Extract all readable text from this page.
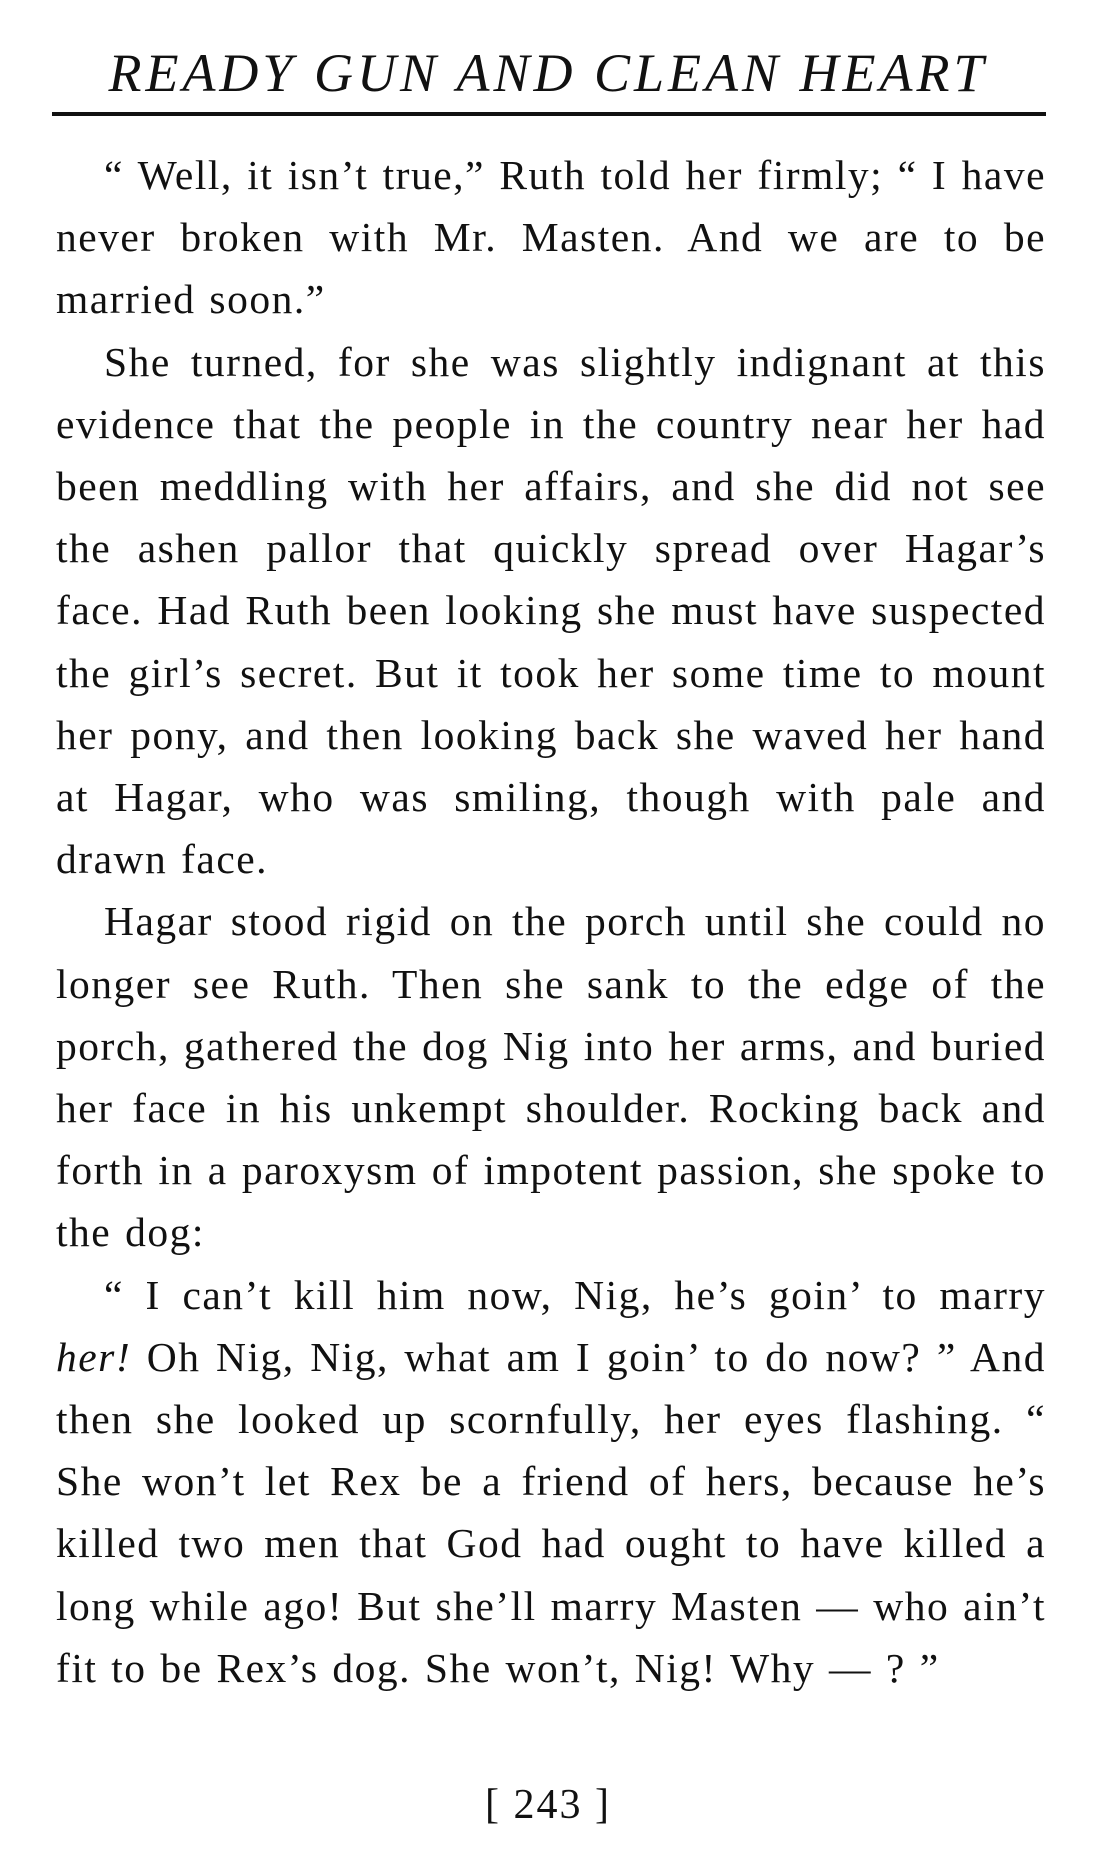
READY GUN AND CLEAN HEART

“ Well, it isn’t true,” Ruth told her firmly; “ I have never broken with Mr. Masten. And we are to be married soon.”

She turned, for she was slightly indignant at this evidence that the people in the country near her had been meddling with her affairs, and she did not see the ashen pallor that quickly spread over Hagar’s face. Had Ruth been looking she must have suspected the girl’s secret. But it took her some time to mount her pony, and then looking back she waved her hand at Hagar, who was smiling, though with pale and drawn face.

Hagar stood rigid on the porch until she could no longer see Ruth. Then she sank to the edge of the porch, gathered the dog Nig into her arms, and buried her face in his unkempt shoulder. Rocking back and forth in a paroxysm of impotent passion, she spoke to the dog:

“ I can’t kill him now, Nig, he’s goin’ to marry her! Oh Nig, Nig, what am I goin’ to do now? ” And then she looked up scornfully, her eyes flashing. “ She won’t let Rex be a friend of hers, because he’s killed two men that God had ought to have killed a long while ago! But she’ll marry Masten — who ain’t fit to be Rex’s dog. She won’t, Nig! Why — ? ”

[ 243 ]
